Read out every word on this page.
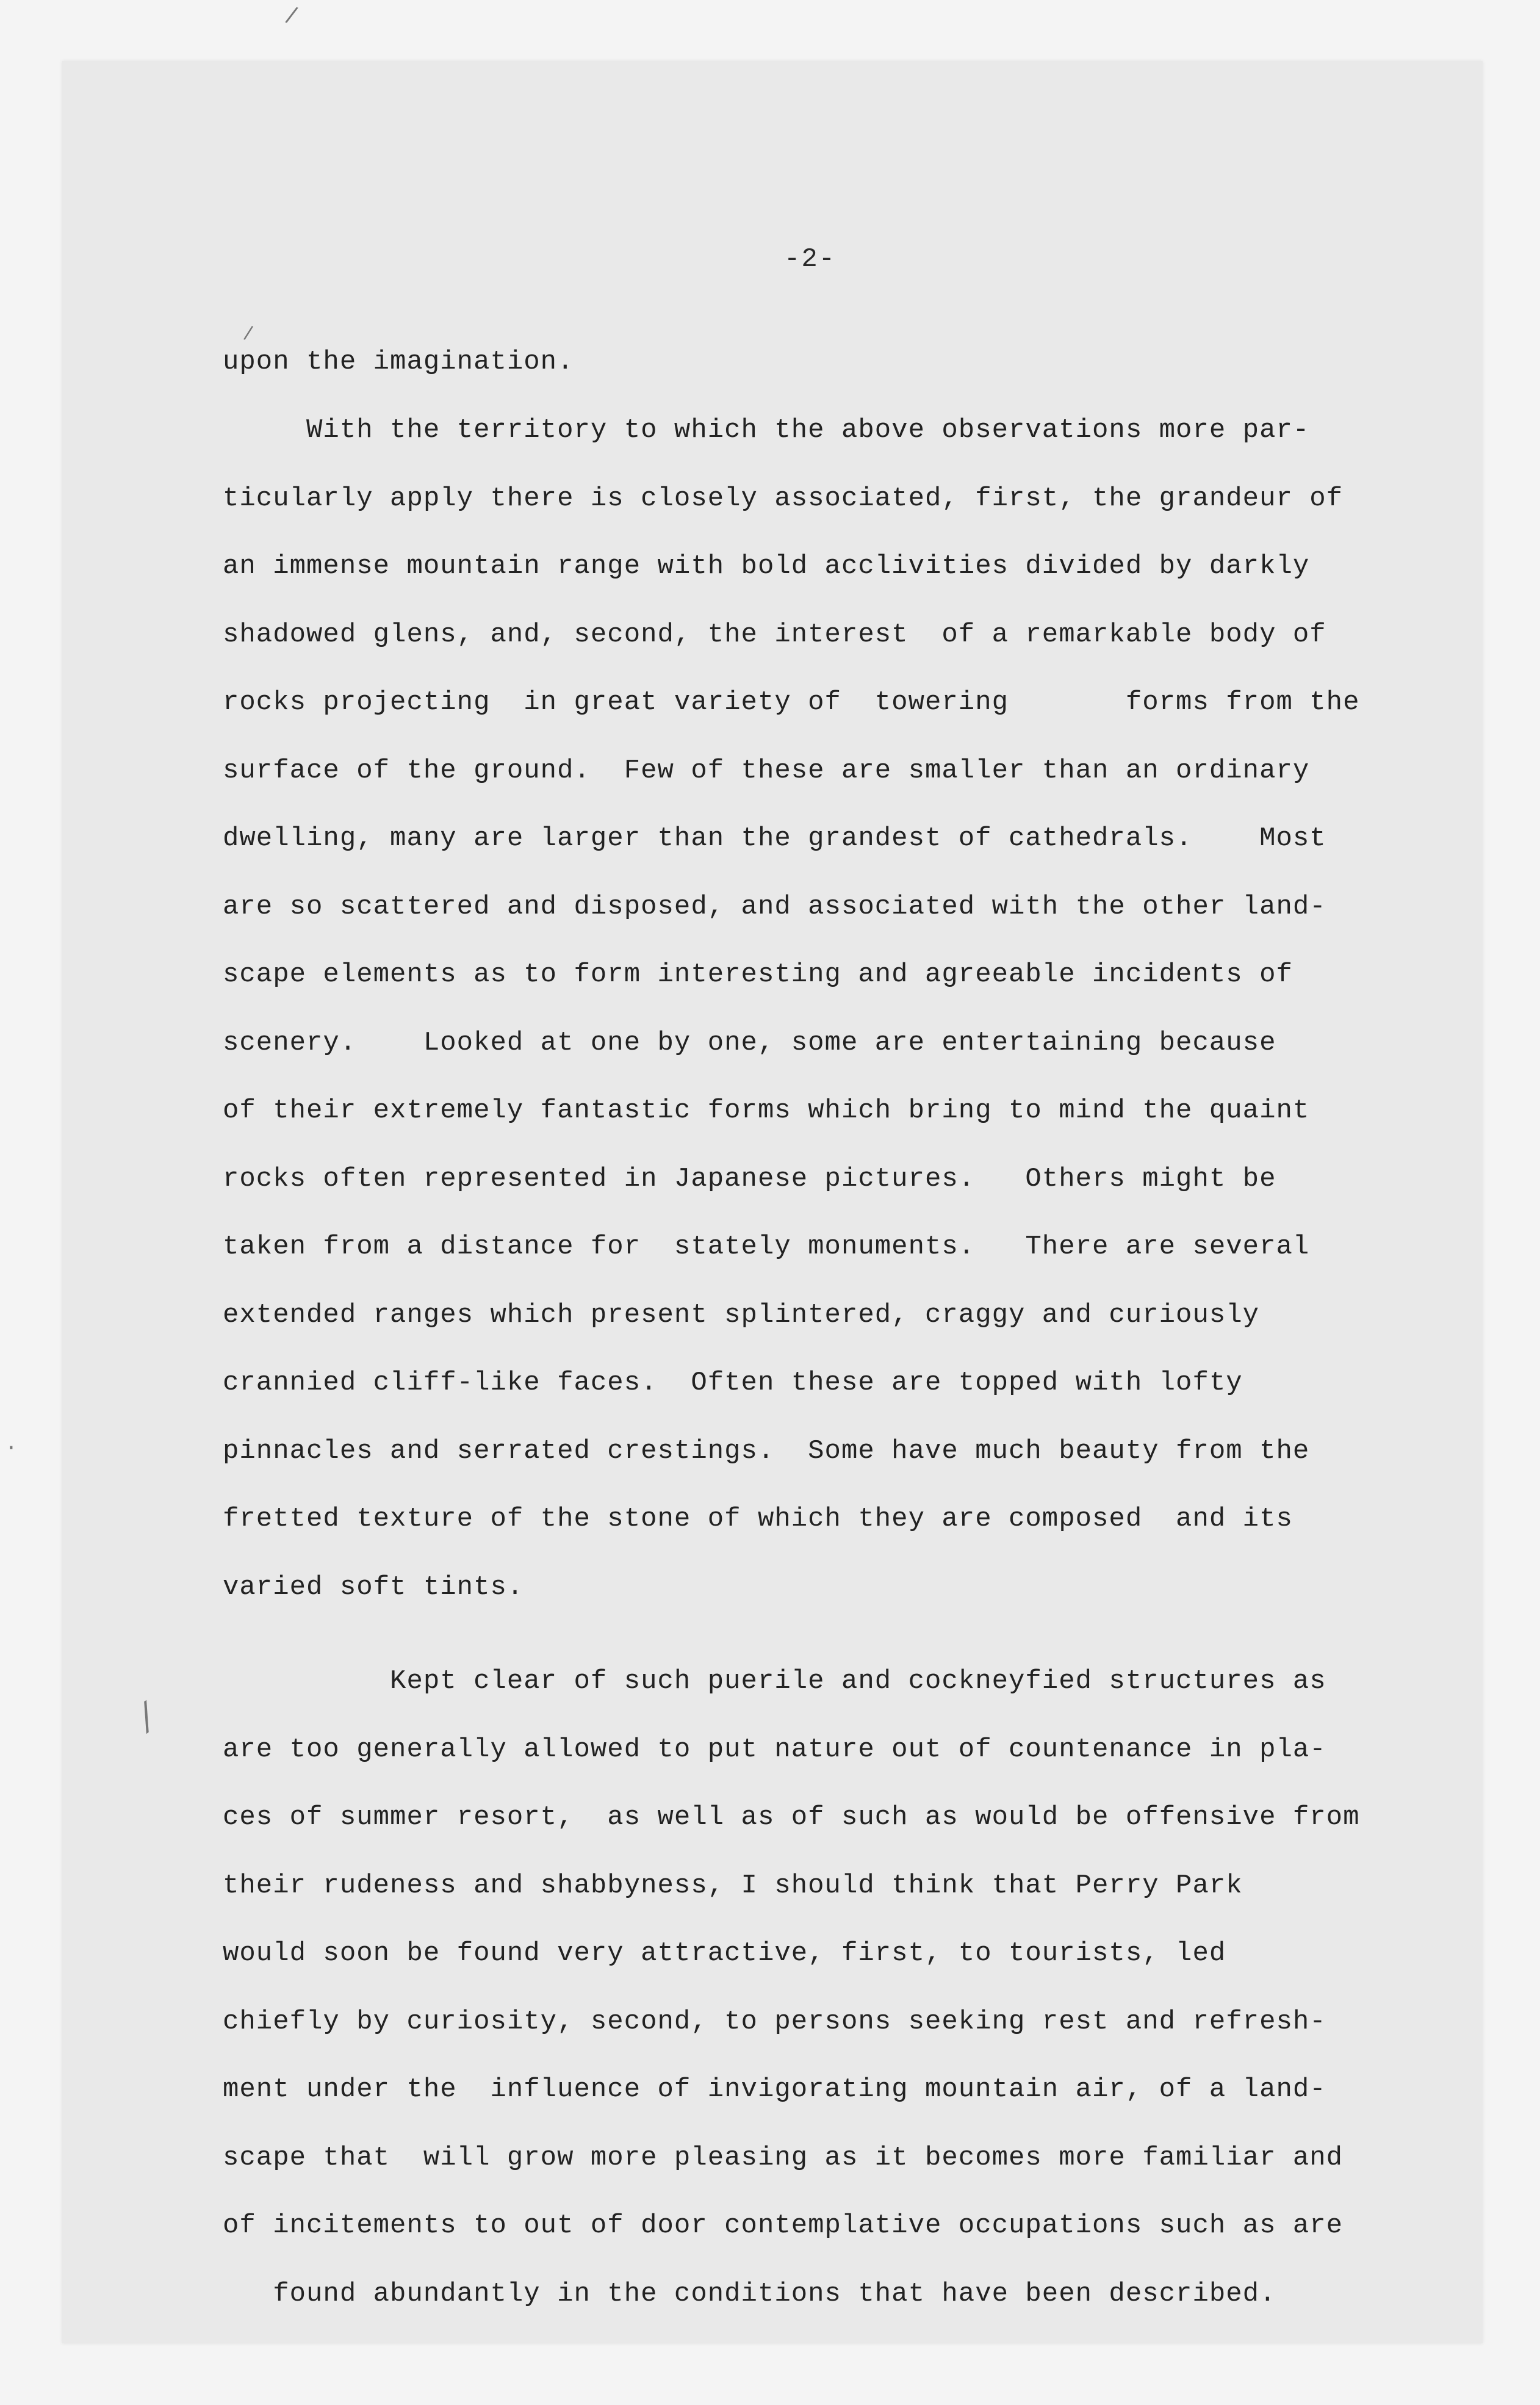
/
/
⁄
·
-2-
upon the imagination.
With the territory to which the above observations more par-
ticularly apply there is closely associated, first, the grandeur of
an immense mountain range with bold acclivities divided by darkly
shadowed glens, and, second, the interest  of a remarkable body of
rocks projecting  in great variety of  towering       forms from the
surface of the ground.  Few of these are smaller than an ordinary
dwelling, many are larger than the grandest of cathedrals.    Most
are so scattered and disposed, and associated with the other land-
scape elements as to form interesting and agreeable incidents of
scenery.    Looked at one by one, some are entertaining because
of their extremely fantastic forms which bring to mind the quaint
rocks often represented in Japanese pictures.   Others might be
taken from a distance for  stately monuments.   There are several
extended ranges which present splintered, craggy and curiously
crannied cliff-like faces.  Often these are topped with lofty
pinnacles and serrated crestings.  Some have much beauty from the
fretted texture of the stone of which they are composed  and its
varied soft tints.
Kept clear of such puerile and cockneyfied structures as
are too generally allowed to put nature out of countenance in pla-
ces of summer resort,  as well as of such as would be offensive from
their rudeness and shabbyness, I should think that Perry Park
would soon be found very attractive, first, to tourists, led
chiefly by curiosity, second, to persons seeking rest and refresh-
ment under the  influence of invigorating mountain air, of a land-
scape that  will grow more pleasing as it becomes more familiar and
of incitements to out of door contemplative occupations such as are
found abundantly in the conditions that have been described.
